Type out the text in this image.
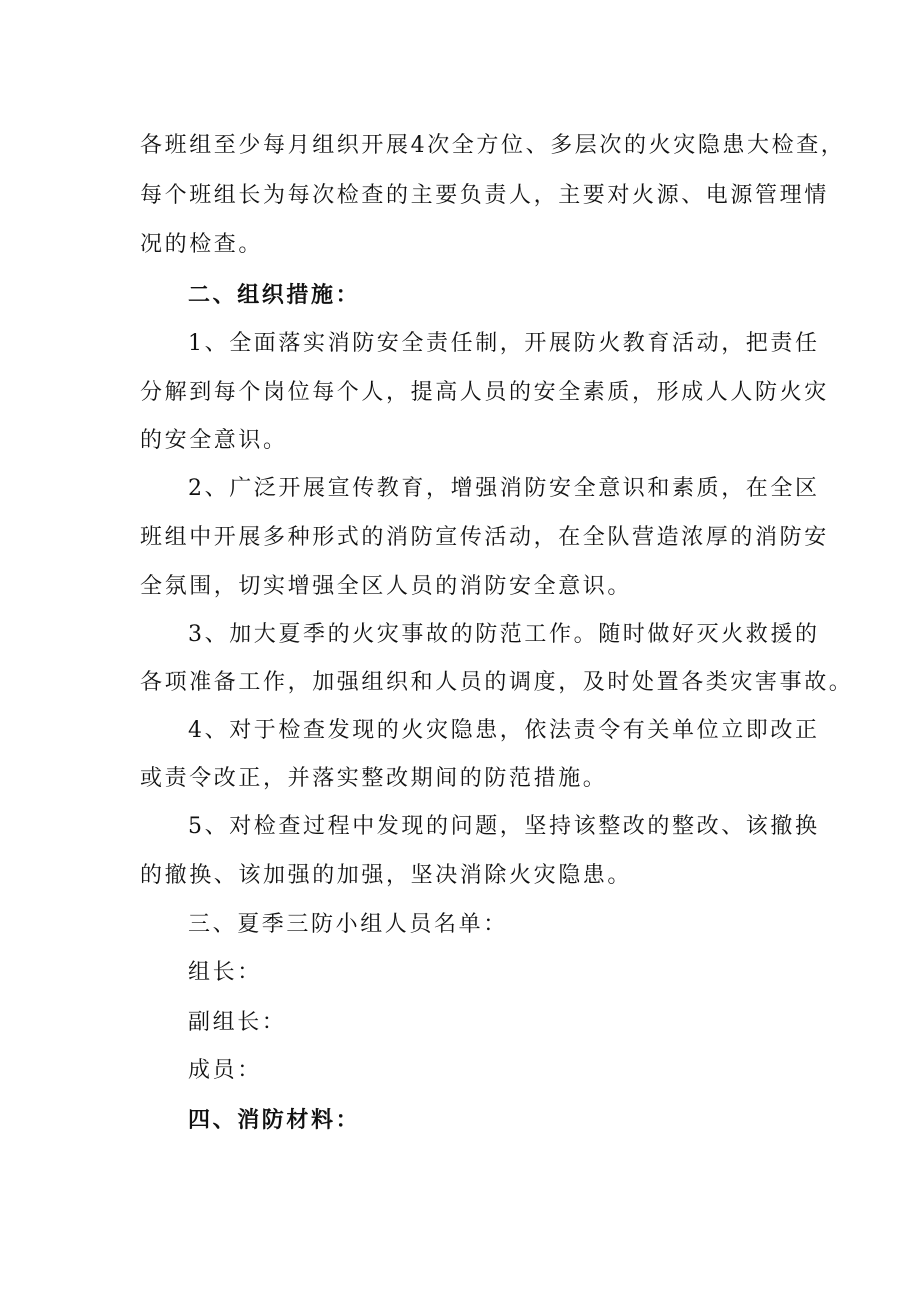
各班组至少每月组织开展4次全方位、多层次的火灾隐患大检查，
每个班组长为每次检查的主要负责人，主要对火源、电源管理情
况的检查。
二、组织措施：
1、全面落实消防安全责任制，开展防火教育活动，把责任
分解到每个岗位每个人，提高人员的安全素质，形成人人防火灾
的安全意识。
2、广泛开展宣传教育，增强消防安全意识和素质，在全区
班组中开展多种形式的消防宣传活动，在全队营造浓厚的消防安
全氛围，切实增强全区人员的消防安全意识。
3、加大夏季的火灾事故的防范工作。随时做好灭火救援的
各项准备工作，加强组织和人员的调度，及时处置各类灾害事故。
4、对于检查发现的火灾隐患，依法责令有关单位立即改正
或责令改正，并落实整改期间的防范措施。
5、对检查过程中发现的问题，坚持该整改的整改、该撤换
的撤换、该加强的加强，坚决消除火灾隐患。
三、夏季三防小组人员名单：
组长：
副组长：
成员：
四、消防材料：
